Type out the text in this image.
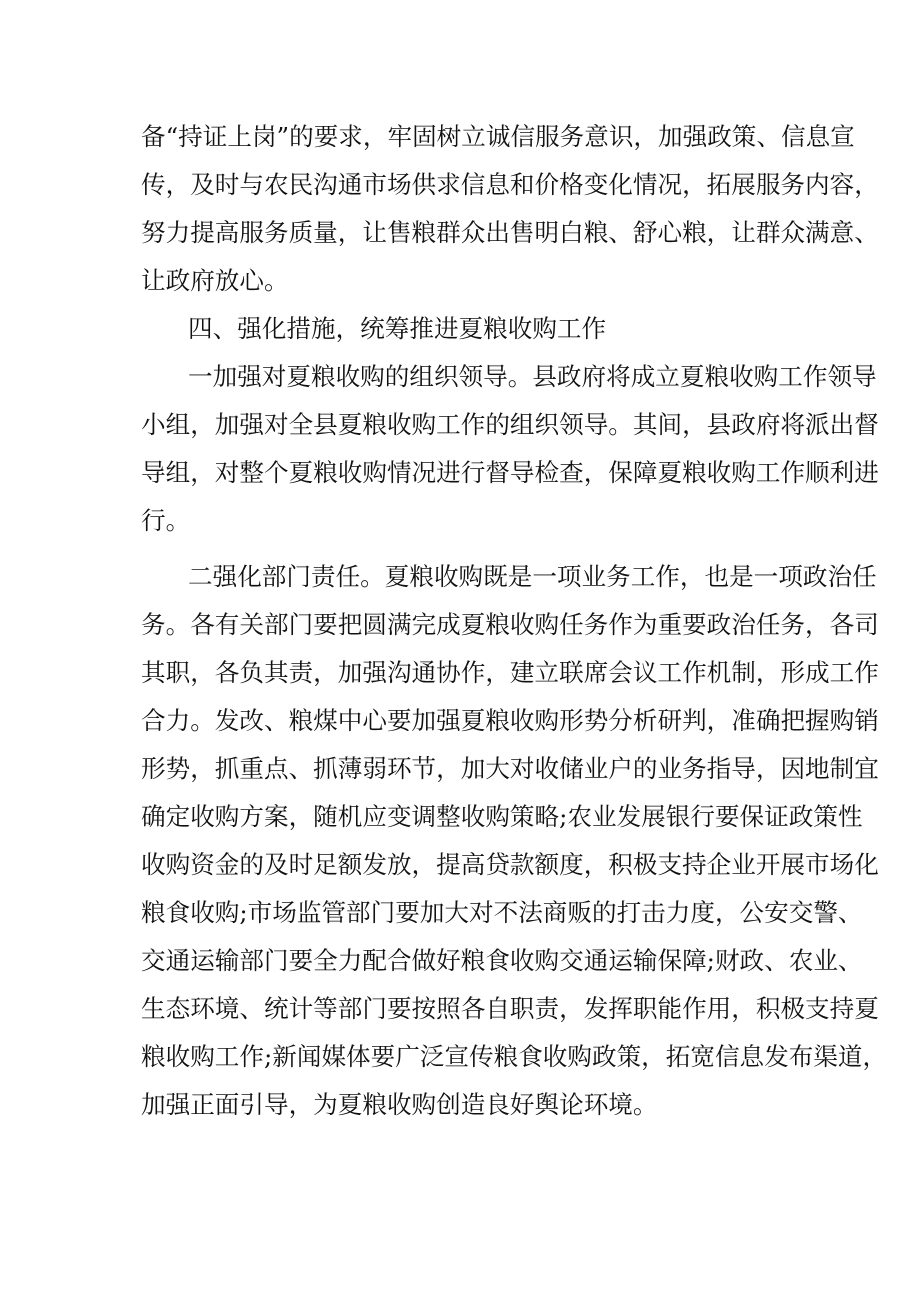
备“持证上岗”的要求，牢固树立诚信服务意识，加强政策、信息宣
传，及时与农民沟通市场供求信息和价格变化情况，拓展服务内容，
努力提高服务质量，让售粮群众出售明白粮、舒心粮，让群众满意、
让政府放心。
四、强化措施，统筹推进夏粮收购工作
一加强对夏粮收购的组织领导。县政府将成立夏粮收购工作领导
小组，加强对全县夏粮收购工作的组织领导。其间，县政府将派出督
导组，对整个夏粮收购情况进行督导检查，保障夏粮收购工作顺利进
行。
二强化部门责任。夏粮收购既是一项业务工作，也是一项政治任
务。各有关部门要把圆满完成夏粮收购任务作为重要政治任务，各司
其职，各负其责，加强沟通协作，建立联席会议工作机制，形成工作
合力。发改、粮煤中心要加强夏粮收购形势分析研判，准确把握购销
形势，抓重点、抓薄弱环节，加大对收储业户的业务指导，因地制宜
确定收购方案，随机应变调整收购策略;农业发展银行要保证政策性
收购资金的及时足额发放，提高贷款额度，积极支持企业开展市场化
粮食收购;市场监管部门要加大对不法商贩的打击力度，公安交警、
交通运输部门要全力配合做好粮食收购交通运输保障;财政、农业、
生态环境、统计等部门要按照各自职责，发挥职能作用，积极支持夏
粮收购工作;新闻媒体要广泛宣传粮食收购政策，拓宽信息发布渠道，
加强正面引导，为夏粮收购创造良好舆论环境。
